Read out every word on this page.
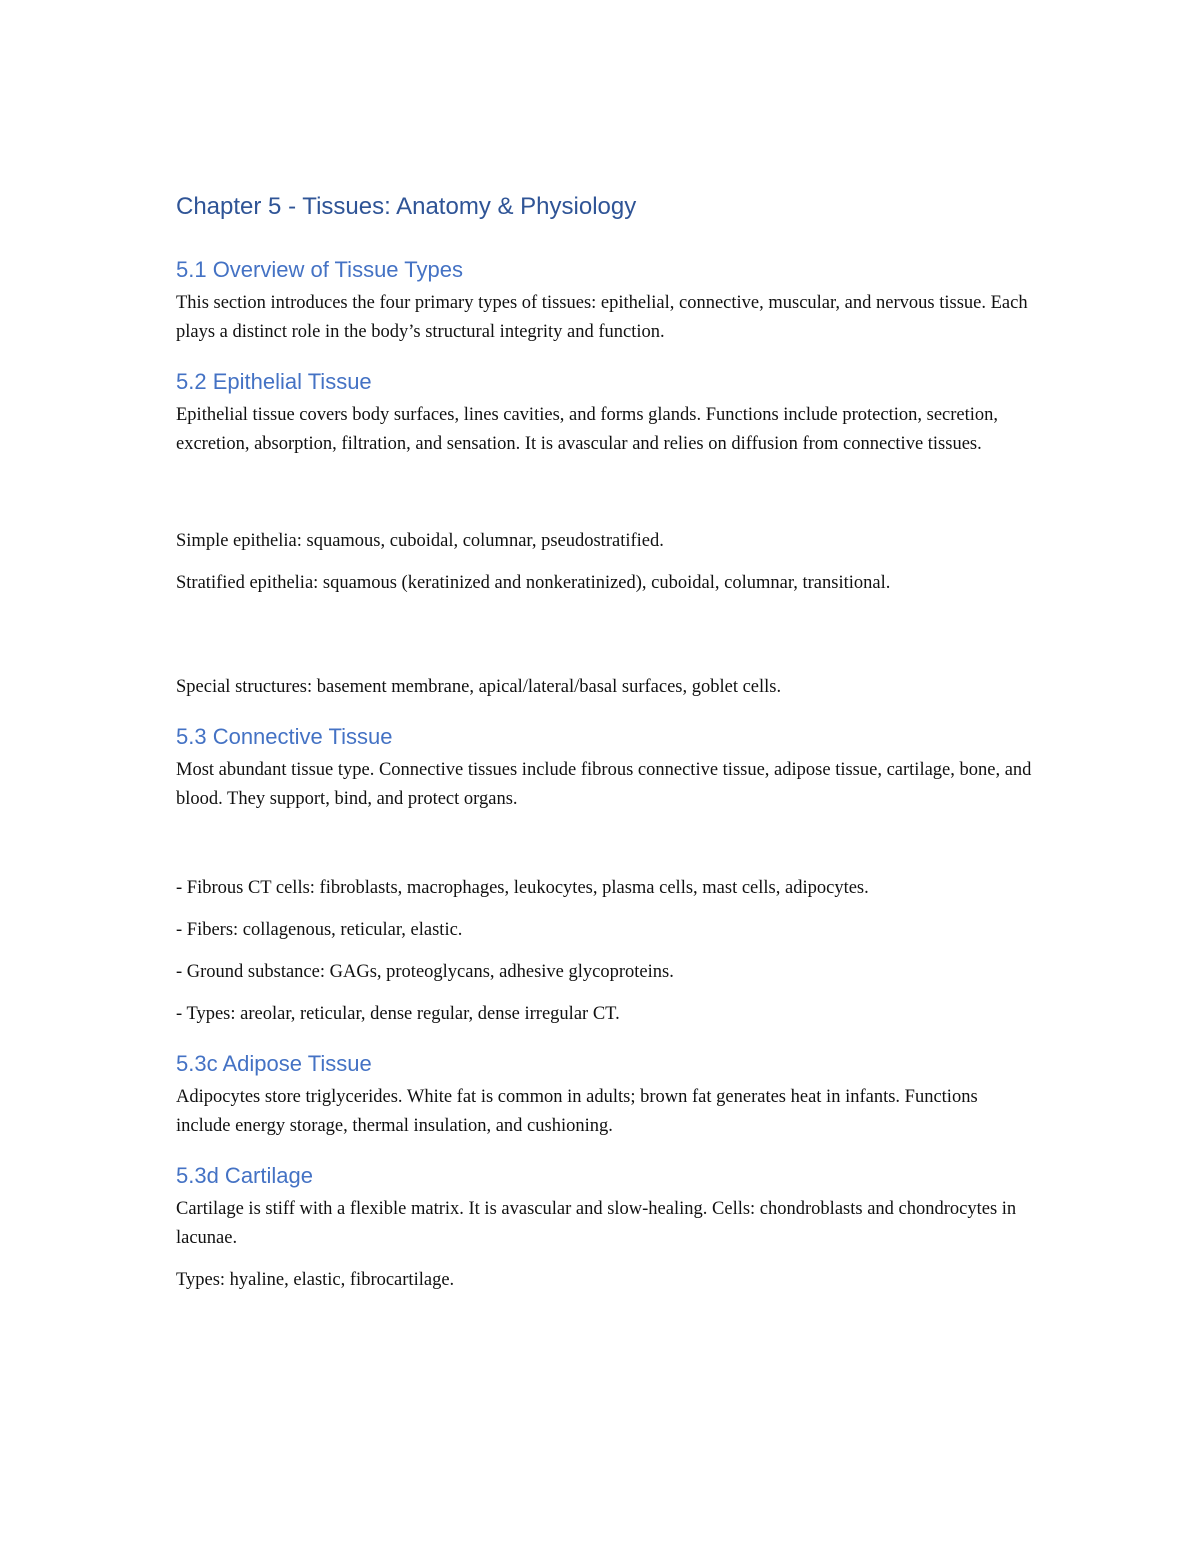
Chapter 5 - Tissues: Anatomy & Physiology
5.1 Overview of Tissue Types
This section introduces the four primary types of tissues: epithelial, connective, muscular, and nervous tissue. Each plays a distinct role in the body’s structural integrity and function.
5.2 Epithelial Tissue
Epithelial tissue covers body surfaces, lines cavities, and forms glands. Functions include protection, secretion, excretion, absorption, filtration, and sensation. It is avascular and relies on diffusion from connective tissues.
Simple epithelia: squamous, cuboidal, columnar, pseudostratified.
Stratified epithelia: squamous (keratinized and nonkeratinized), cuboidal, columnar, transitional.
Special structures: basement membrane, apical/lateral/basal surfaces, goblet cells.
5.3 Connective Tissue
Most abundant tissue type. Connective tissues include fibrous connective tissue, adipose tissue, cartilage, bone, and blood. They support, bind, and protect organs.
- Fibrous CT cells: fibroblasts, macrophages, leukocytes, plasma cells, mast cells, adipocytes.
- Fibers: collagenous, reticular, elastic.
- Ground substance: GAGs, proteoglycans, adhesive glycoproteins.
- Types: areolar, reticular, dense regular, dense irregular CT.
5.3c Adipose Tissue
Adipocytes store triglycerides. White fat is common in adults; brown fat generates heat in infants. Functions include energy storage, thermal insulation, and cushioning.
5.3d Cartilage
Cartilage is stiff with a flexible matrix. It is avascular and slow-healing. Cells: chondroblasts and chondrocytes in lacunae.
Types: hyaline, elastic, fibrocartilage.
